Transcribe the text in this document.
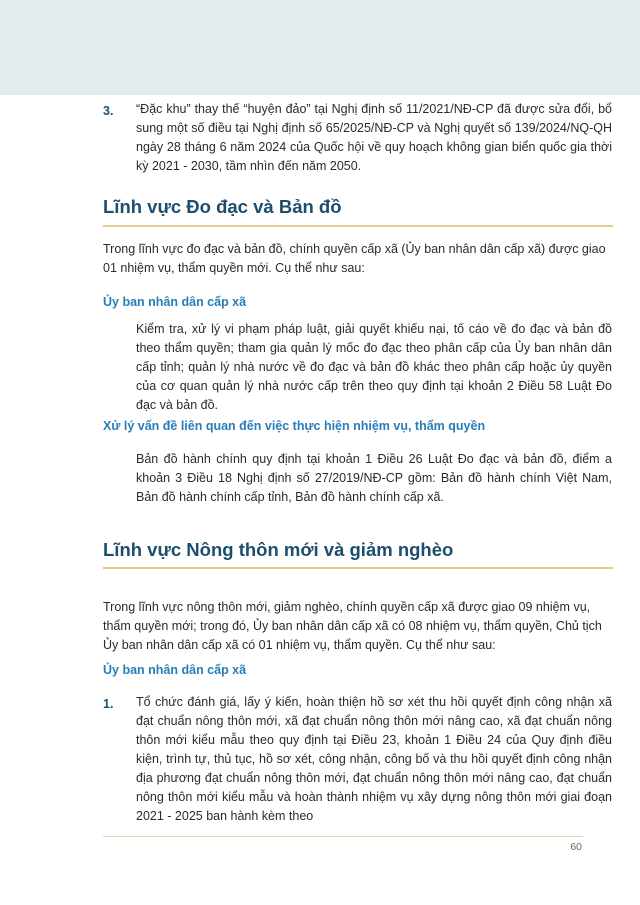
3. “Đặc khu” thay thế “huyện đảo” tại Nghị định số 11/2021/NĐ-CP đã được sửa đổi, bổ sung một số điều tại Nghị định số 65/2025/NĐ-CP và Nghị quyết số 139/2024/NQ-QH ngày 28 tháng 6 năm 2024 của Quốc hội về quy hoạch không gian biển quốc gia thời kỳ 2021 - 2030, tầm nhìn đến năm 2050.
Lĩnh vực Đo đạc và Bản đồ
Trong lĩnh vực đo đạc và bản đồ, chính quyền cấp xã (Ủy ban nhân dân cấp xã) được giao 01 nhiệm vụ, thẩm quyền mới. Cụ thể như sau:
Ủy ban nhân dân cấp xã
Kiểm tra, xử lý vi phạm pháp luật, giải quyết khiếu nại, tố cáo về đo đạc và bản đồ theo thẩm quyền; tham gia quản lý mốc đo đạc theo phân cấp của Ủy ban nhân dân cấp tỉnh; quản lý nhà nước về đo đạc và bản đồ khác theo phân cấp hoặc ủy quyền của cơ quan quản lý nhà nước cấp trên theo quy định tại khoản 2 Điều 58 Luật Đo đạc và bản đồ.
Xử lý vấn đề liên quan đến việc thực hiện nhiệm vụ, thẩm quyền
Bản đồ hành chính quy định tại khoản 1 Điều 26 Luật Đo đạc và bản đồ, điểm a khoản 3 Điều 18 Nghị định số 27/2019/NĐ-CP gồm: Bản đồ hành chính Việt Nam, Bản đồ hành chính cấp tỉnh, Bản đồ hành chính cấp xã.
Lĩnh vực Nông thôn mới và giảm nghèo
Trong lĩnh vực nông thôn mới, giảm nghèo, chính quyền cấp xã được giao 09 nhiệm vụ, thẩm quyền mới; trong đó, Ủy ban nhân dân cấp xã có 08 nhiệm vụ, thẩm quyền, Chủ tịch Ủy ban nhân dân cấp xã có 01 nhiệm vụ, thẩm quyền. Cụ thể như sau:
Ủy ban nhân dân cấp xã
1. Tổ chức đánh giá, lấy ý kiến, hoàn thiện hồ sơ xét thu hồi quyết định công nhận xã đạt chuẩn nông thôn mới, xã đạt chuẩn nông thôn mới nâng cao, xã đạt chuẩn nông thôn mới kiểu mẫu theo quy định tại Điều 23, khoản 1 Điều 24 của Quy định điều kiện, trình tự, thủ tục, hồ sơ xét, công nhận, công bố và thu hồi quyết định công nhận địa phương đạt chuẩn nông thôn mới, đạt chuẩn nông thôn mới nâng cao, đạt chuẩn nông thôn mới kiểu mẫu và hoàn thành nhiệm vụ xây dựng nông thôn mới giai đoạn 2021 - 2025 ban hành kèm theo
60
